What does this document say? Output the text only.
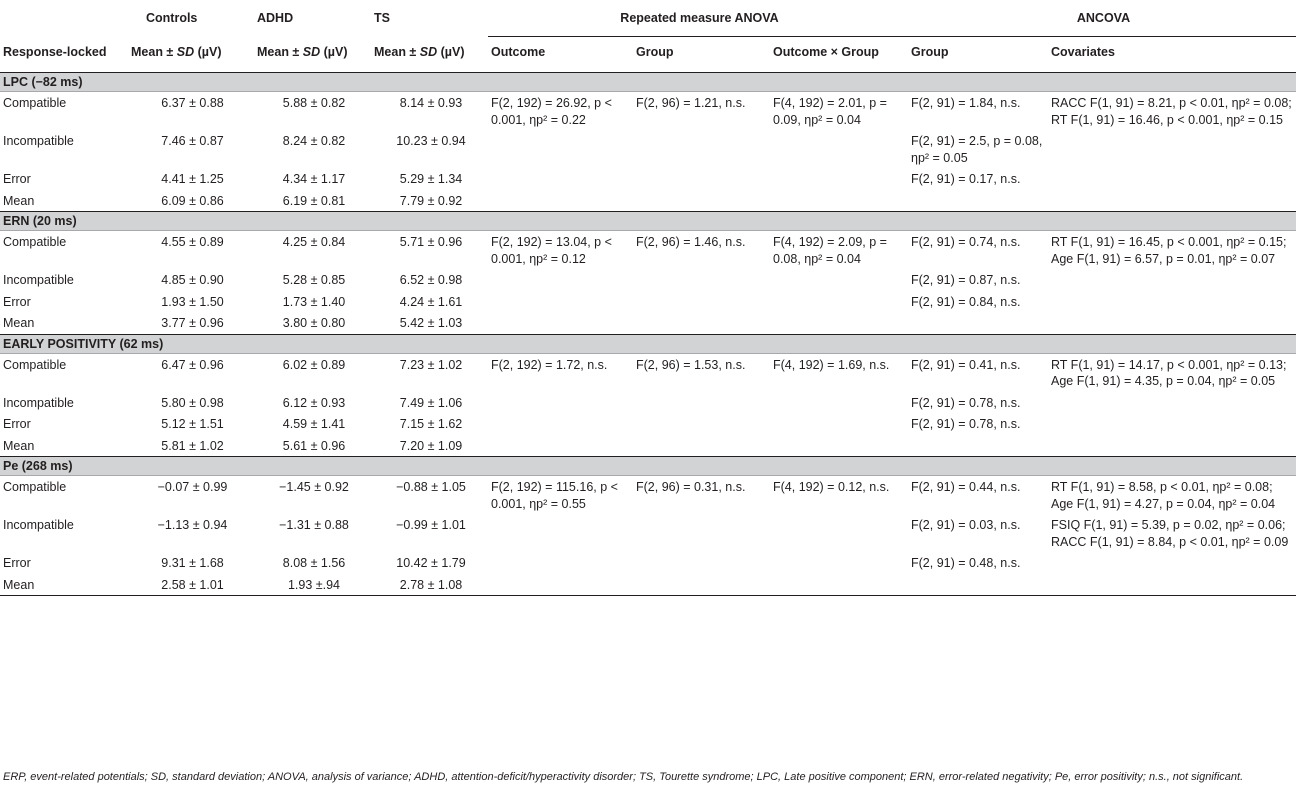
	Controls	ADHD	TS	Repeated measure ANOVA			ANCOVA	
Response-locked	Mean ± SD (µV)	Mean ± SD (µV)	Mean ± SD (µV)	Outcome	Group	Outcome × Group	Group	Covariates
LPC (−82 ms)								
Compatible	6.37 ± 0.88	5.88 ± 0.82	8.14 ± 0.93	F(2, 192) = 26.92, p < 0.001, ηp² = 0.22	F(2, 96) = 1.21, n.s.	F(4, 192) = 2.01, p = 0.09, ηp² = 0.04	F(2, 91) = 1.84, n.s.	RACC F(1, 91) = 8.21, p < 0.01, ηp² = 0.08; RT F(1, 91) = 16.46, p < 0.001, ηp² = 0.15
Incompatible	7.46 ± 0.87	8.24 ± 0.82	10.23 ± 0.94				F(2, 91) = 2.5, p = 0.08, ηp² = 0.05	
Error	4.41 ± 1.25	4.34 ± 1.17	5.29 ± 1.34				F(2, 91) = 0.17, n.s.	
Mean	6.09 ± 0.86	6.19 ± 0.81	7.79 ± 0.92					
ERN (20 ms)								
Compatible	4.55 ± 0.89	4.25 ± 0.84	5.71 ± 0.96	F(2, 192) = 13.04, p < 0.001, ηp² = 0.12	F(2, 96) = 1.46, n.s.	F(4, 192) = 2.09, p = 0.08, ηp² = 0.04	F(2, 91) = 0.74, n.s.	RT F(1, 91) = 16.45, p < 0.001, ηp² = 0.15; Age F(1, 91) = 6.57, p = 0.01, ηp² = 0.07
Incompatible	4.85 ± 0.90	5.28 ± 0.85	6.52 ± 0.98				F(2, 91) = 0.87, n.s.	
Error	1.93 ± 1.50	1.73 ± 1.40	4.24 ± 1.61				F(2, 91) = 0.84, n.s.	
Mean	3.77 ± 0.96	3.80 ± 0.80	5.42 ± 1.03					
EARLY POSITIVITY (62 ms)								
Compatible	6.47 ± 0.96	6.02 ± 0.89	7.23 ± 1.02	F(2, 192) = 1.72, n.s.	F(2, 96) = 1.53, n.s.	F(4, 192) = 1.69, n.s.	F(2, 91) = 0.41, n.s.	RT F(1, 91) = 14.17, p < 0.001, ηp² = 0.13; Age F(1, 91) = 4.35, p = 0.04, ηp² = 0.05
Incompatible	5.80 ± 0.98	6.12 ± 0.93	7.49 ± 1.06				F(2, 91) = 0.78, n.s.	
Error	5.12 ± 1.51	4.59 ± 1.41	7.15 ± 1.62				F(2, 91) = 0.78, n.s.	
Mean	5.81 ± 1.02	5.61 ± 0.96	7.20 ± 1.09					
Pe (268 ms)								
Compatible	−0.07 ± 0.99	−1.45 ± 0.92	−0.88 ± 1.05	F(2, 192) = 115.16, p < 0.001, ηp² = 0.55	F(2, 96) = 0.31, n.s.	F(4, 192) = 0.12, n.s.	F(2, 91) = 0.44, n.s.	RT F(1, 91) = 8.58, p < 0.01, ηp² = 0.08; Age F(1, 91) = 4.27, p = 0.04, ηp² = 0.04
Incompatible	−1.13 ± 0.94	−1.31 ± 0.88	−0.99 ± 1.01				F(2, 91) = 0.03, n.s.	FSIQ F(1, 91) = 5.39, p = 0.02, ηp² = 0.06; RACC F(1, 91) = 8.84, p < 0.01, ηp² = 0.09
Error	9.31 ± 1.68	8.08 ± 1.56	10.42 ± 1.79				F(2, 91) = 0.48, n.s.	
Mean	2.58 ± 1.01	1.93 ±.94	2.78 ± 1.08					
ERP, event-related potentials; SD, standard deviation; ANOVA, analysis of variance; ADHD, attention-deficit/hyperactivity disorder; TS, Tourette syndrome; LPC, Late positive component; ERN, error-related negativity; Pe, error positivity; n.s., not significant.
